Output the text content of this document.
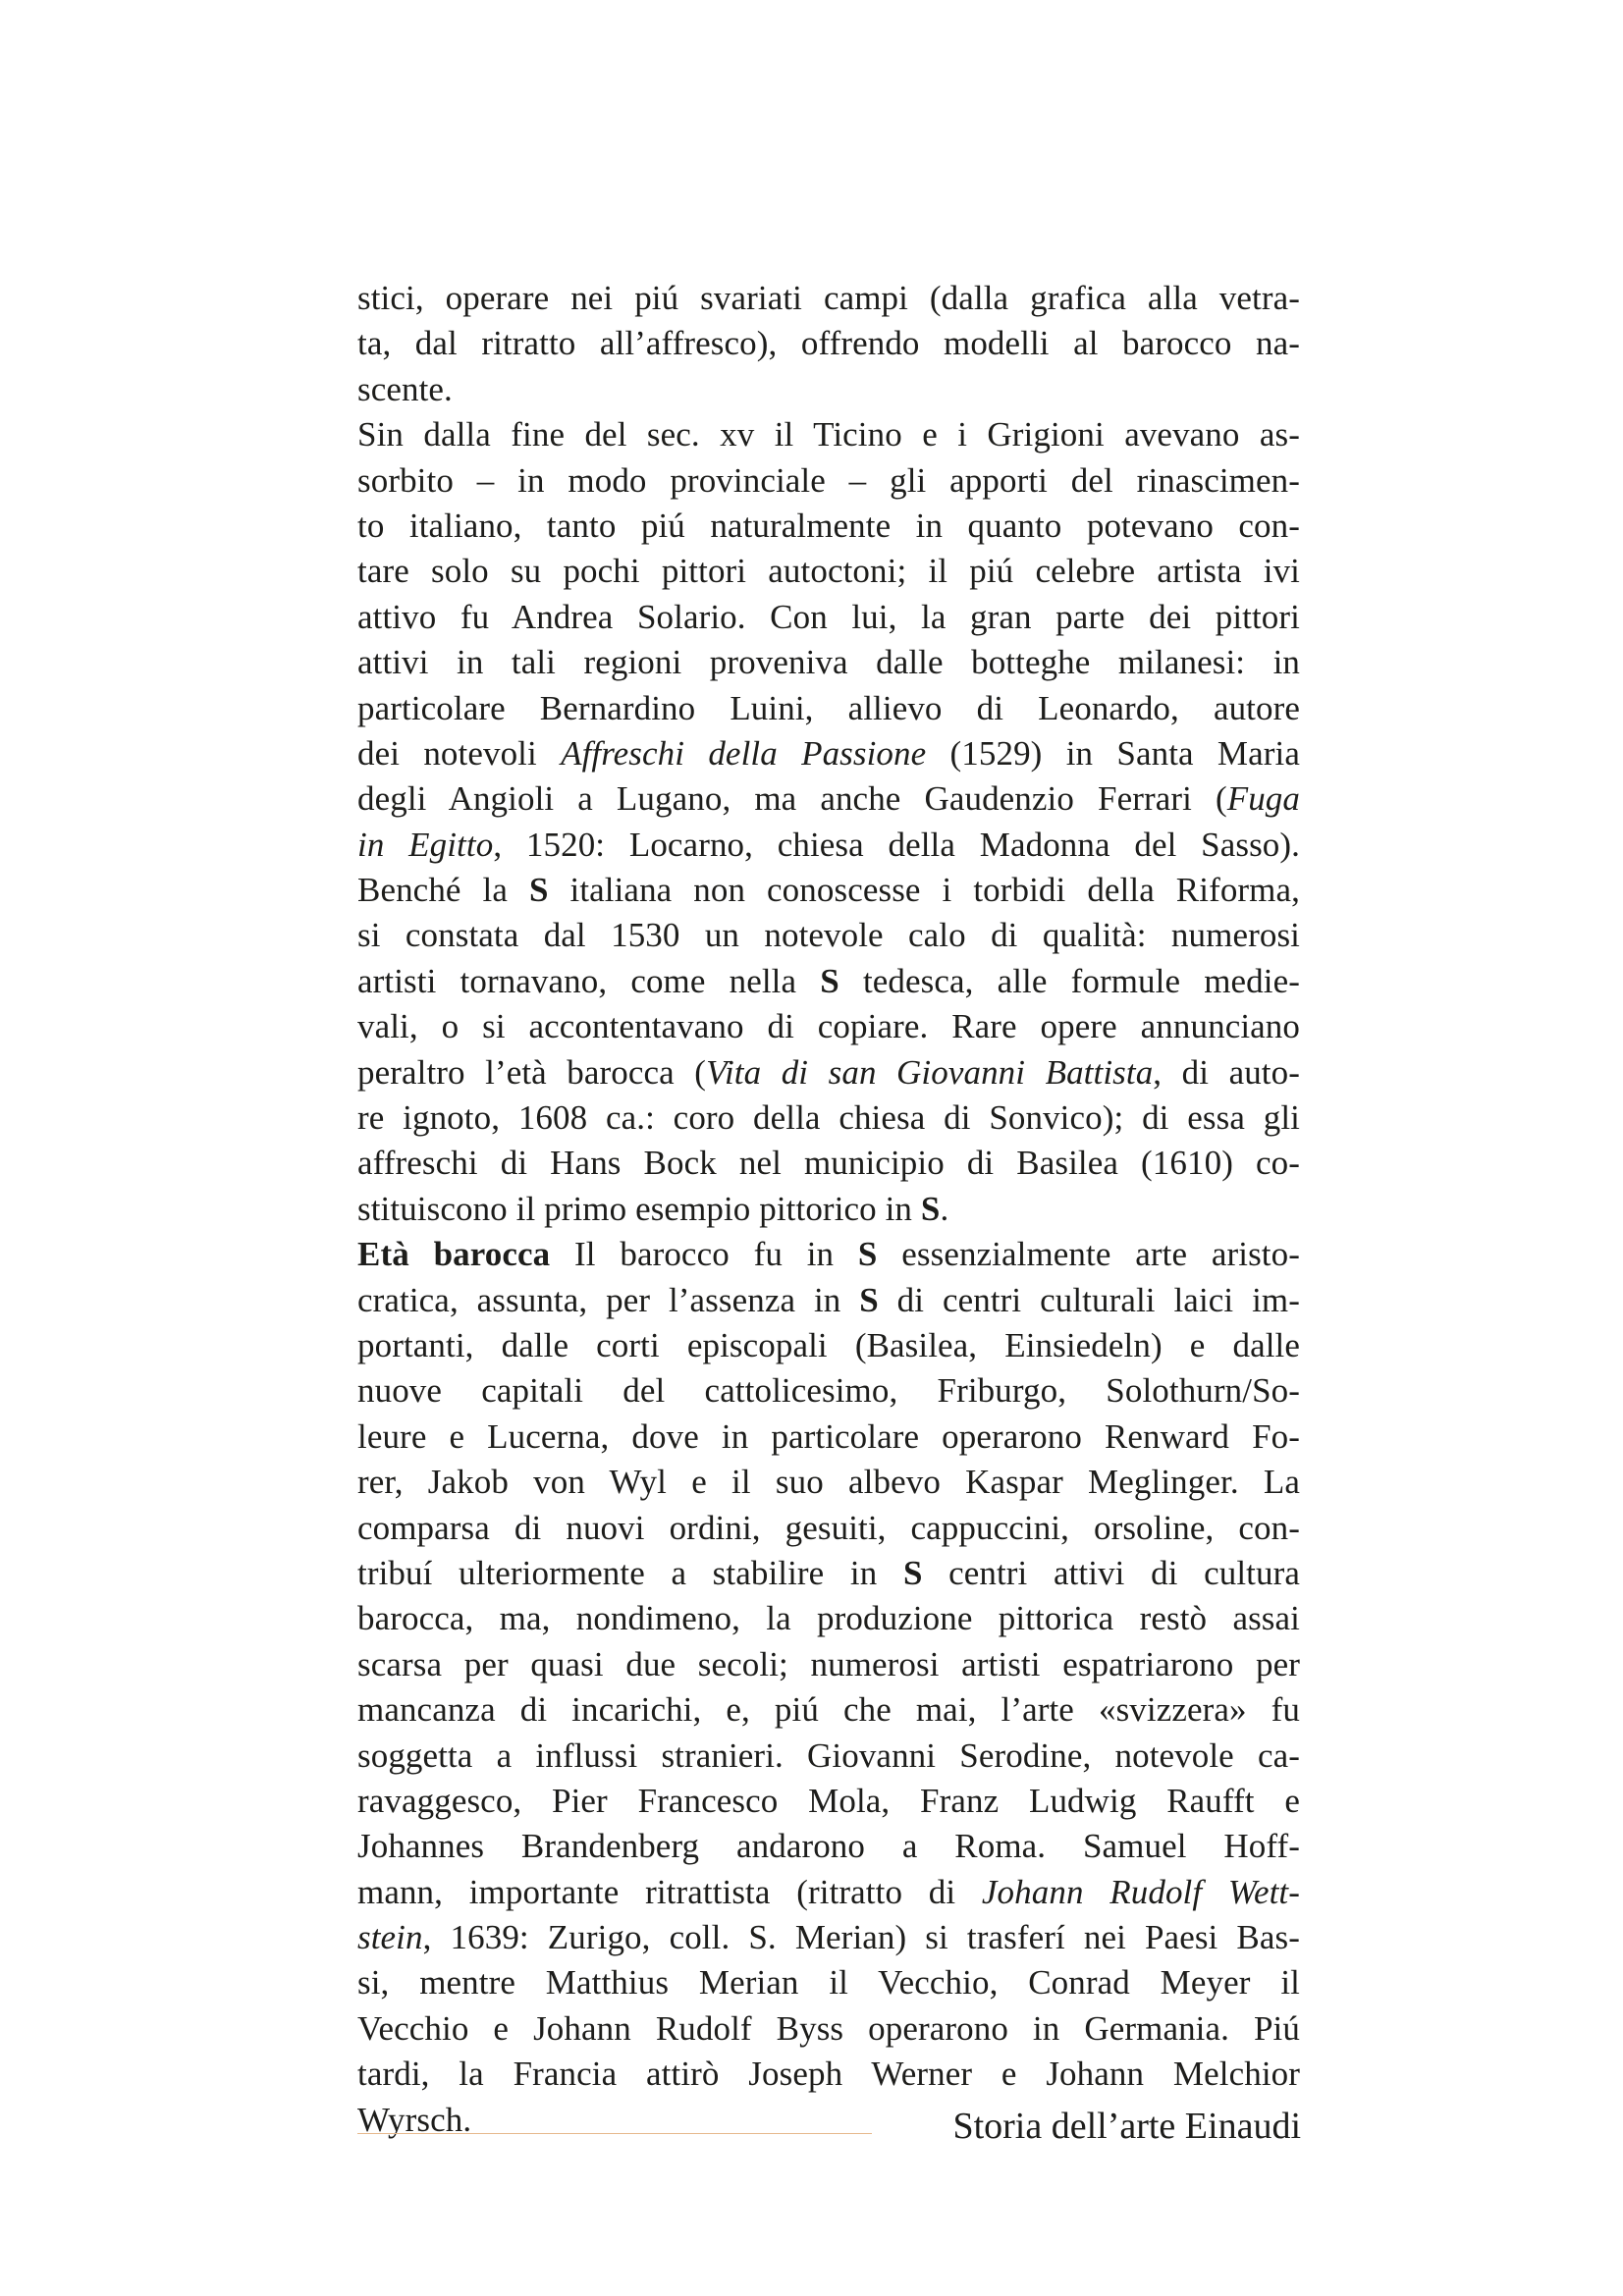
stici, operare nei piú svariati campi (dalla grafica alla vetra-
ta, dal ritratto all’affresco), offrendo modelli al barocco na-
scente.
Sin dalla fine del sec. xv il Ticino e i Grigioni avevano as-
sorbito – in modo provinciale – gli apporti del rinascimen-
to italiano, tanto piú naturalmente in quanto potevano con-
tare solo su pochi pittori autoctoni; il piú celebre artista ivi
attivo fu Andrea Solario. Con lui, la gran parte dei pittori
attivi in tali regioni proveniva dalle botteghe milanesi: in
particolare Bernardino Luini, allievo di Leonardo, autore
dei notevoli Affreschi della Passione (1529) in Santa Maria
degli Angioli a Lugano, ma anche Gaudenzio Ferrari (Fuga
in Egitto, 1520: Locarno, chiesa della Madonna del Sasso).
Benché la S italiana non conoscesse i torbidi della Riforma,
si constata dal 1530 un notevole calo di qualità: numerosi
artisti tornavano, come nella S tedesca, alle formule medie-
vali, o si accontentavano di copiare. Rare opere annunciano
peraltro l’età barocca (Vita di san Giovanni Battista, di auto-
re ignoto, 1608 ca.: coro della chiesa di Sonvico); di essa gli
affreschi di Hans Bock nel municipio di Basilea (1610) co-
stituiscono il primo esempio pittorico in S.
Età barocca Il barocco fu in S essenzialmente arte aristo-
cratica, assunta, per l’assenza in S di centri culturali laici im-
portanti, dalle corti episcopali (Basilea, Einsiedeln) e dalle
nuove capitali del cattolicesimo, Friburgo, Solothurn/So-
leure e Lucerna, dove in particolare operarono Renward Fo-
rer, Jakob von Wyl e il suo albevo Kaspar Meglinger. La
comparsa di nuovi ordini, gesuiti, cappuccini, orsoline, con-
tribuí ulteriormente a stabilire in S centri attivi di cultura
barocca, ma, nondimeno, la produzione pittorica restò assai
scarsa per quasi due secoli; numerosi artisti espatriarono per
mancanza di incarichi, e, piú che mai, l’arte «svizzera» fu
soggetta a influssi stranieri. Giovanni Serodine, notevole ca-
ravaggesco, Pier Francesco Mola, Franz Ludwig Raufft e
Johannes Brandenberg andarono a Roma. Samuel Hoff-
mann, importante ritrattista (ritratto di Johann Rudolf Wett-
stein, 1639: Zurigo, coll. S. Merian) si trasferí nei Paesi Bas-
si, mentre Matthius Merian il Vecchio, Conrad Meyer il
Vecchio e Johann Rudolf Byss operarono in Germania. Piú
tardi, la Francia attirò Joseph Werner e Johann Melchior
Wyrsch.	Storia dell’arte Einaudi
